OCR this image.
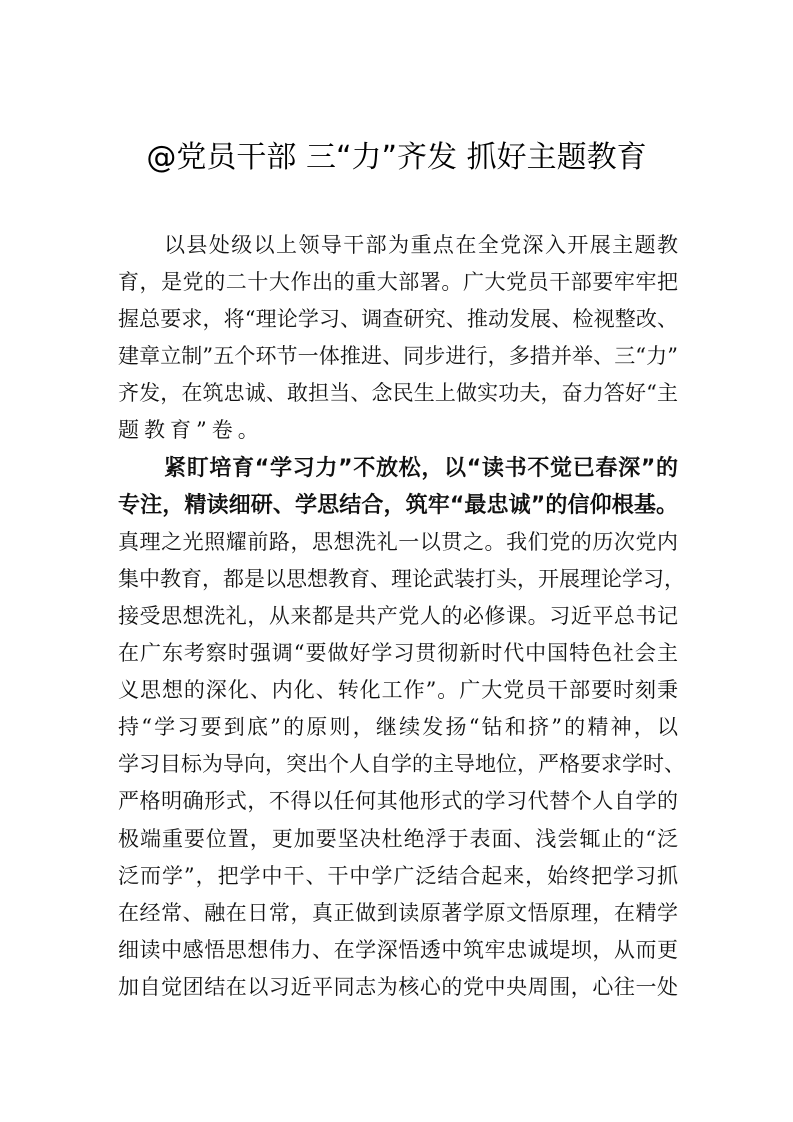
@党员干部 三“力”齐发 抓好主题教育
以县处级以上领导干部为重点在全党深入开展主题教
育，是党的二十大作出的重大部署。广大党员干部要牢牢把
握总要求，将“理论学习、调查研究、推动发展、检视整改、
建章立制”五个环节一体推进、同步进行，多措并举、三“力”
齐发，在筑忠诚、敢担当、念民生上做实功夫，奋力答好“主
题教育”卷。
紧盯培育“学习力”不放松，以“读书不觉已春深”的
专注，精读细研、学思结合，筑牢“最忠诚”的信仰根基。
真理之光照耀前路，思想洗礼一以贯之。我们党的历次党内
集中教育，都是以思想教育、理论武装打头，开展理论学习，
接受思想洗礼，从来都是共产党人的必修课。习近平总书记
在广东考察时强调“要做好学习贯彻新时代中国特色社会主
义思想的深化、内化、转化工作”。广大党员干部要时刻秉
持“学习要到底”的原则，继续发扬“钻和挤”的精神，以
学习目标为导向，突出个人自学的主导地位，严格要求学时、
严格明确形式，不得以任何其他形式的学习代替个人自学的
极端重要位置，更加要坚决杜绝浮于表面、浅尝辄止的“泛
泛而学”，把学中干、干中学广泛结合起来，始终把学习抓
在经常、融在日常，真正做到读原著学原文悟原理，在精学
细读中感悟思想伟力、在学深悟透中筑牢忠诚堤坝，从而更
加自觉团结在以习近平同志为核心的党中央周围，心往一处
